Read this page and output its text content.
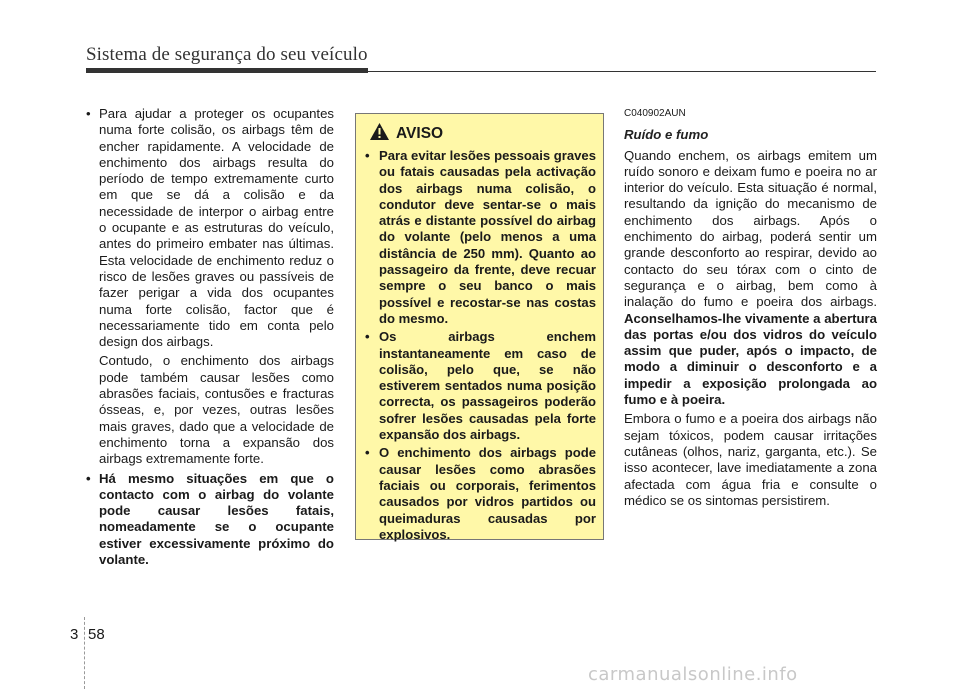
Sistema de segurança do seu veículo
• Para ajudar a proteger os ocupantes numa forte colisão, os airbags têm de encher rapidamente. A velocidade de enchimento dos airbags resulta do período de tempo extremamente curto em que se dá a colisão e da necessidade de interpor o airbag entre o ocupante e as estruturas do veículo, antes do primeiro embater nas últimas. Esta velocidade de enchimento reduz o risco de lesões graves ou passíveis de fazer perigar a vida dos ocupantes numa forte colisão, factor que é necessariamente tido em conta pelo design dos airbags.

Contudo, o enchimento dos airbags pode também causar lesões como abrasões faciais, contusões e fracturas ósseas, e, por vezes, outras lesões mais graves, dado que a velocidade de enchimento torna a expansão dos airbags extremamente forte.

• Há mesmo situações em que o contacto com o airbag do volante pode causar lesões fatais, nomeadamente se o ocupante estiver excessivamente próximo do volante.
AVISO
• Para evitar lesões pessoais graves ou fatais causadas pela activação dos airbags numa colisão, o condutor deve sentar-se o mais atrás e distante possível do airbag do volante (pelo menos a uma distância de 250 mm). Quanto ao passageiro da frente, deve recuar sempre o seu banco o mais possível e recostar-se nas costas do mesmo.
• Os airbags enchem instantaneamente em caso de colisão, pelo que, se não estiverem sentados numa posição correcta, os passageiros poderão sofrer lesões causadas pela forte expansão dos airbags.
• O enchimento dos airbags pode causar lesões como abrasões faciais ou corporais, ferimentos causados por vidros partidos ou queimaduras causadas por explosivos.
C040902AUN
Ruído e fumo

Quando enchem, os airbags emitem um ruído sonoro e deixam fumo e poeira no ar interior do veículo. Esta situação é normal, resultando da ignição do mecanismo de enchimento dos airbags. Após o enchimento do airbag, poderá sentir um grande desconforto ao respirar, devido ao contacto do seu tórax com o cinto de segurança e o airbag, bem como à inalação do fumo e poeira dos airbags. Aconselhamos-lhe vivamente a abertura das portas e/ou dos vidros do veículo assim que puder, após o impacto, de modo a diminuir o desconforto e a impedir a exposição prolongada ao fumo e à poeira.

Embora o fumo e a poeira dos airbags não sejam tóxicos, podem causar irritações cutâneas (olhos, nariz, garganta, etc.). Se isso acontecer, lave imediatamente a zona afectada com água fria e consulte o médico se os sintomas persistirem.

3 58
carmanualsonline.info
